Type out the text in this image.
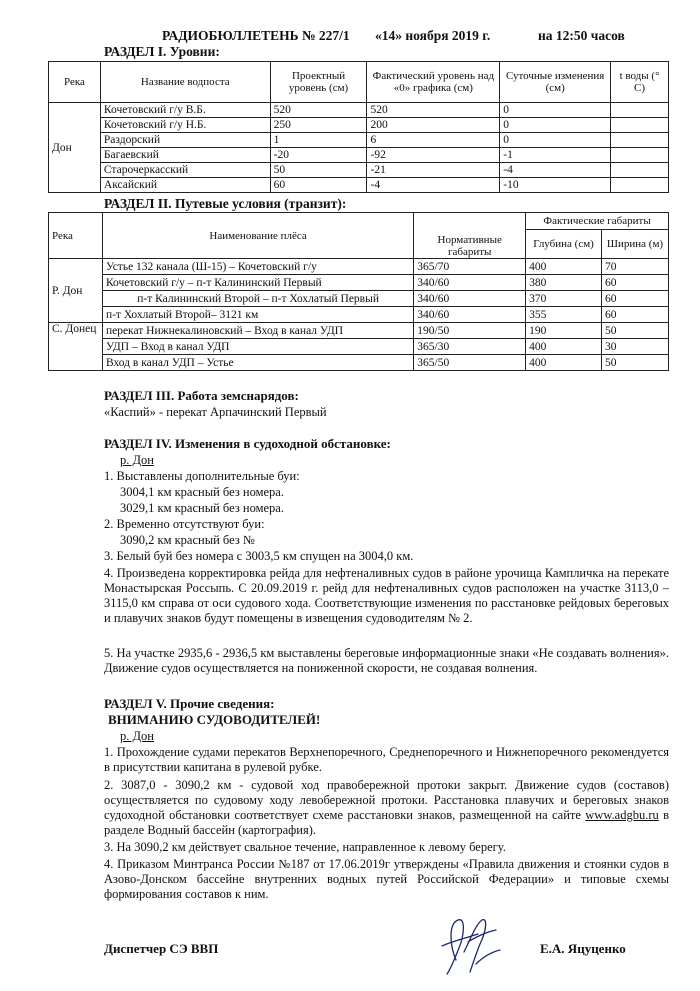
РАДИОБЮЛЛЕТЕНЬ № 227/1 «14» ноября 2019 г.	на 12:50 часов
РАЗДЕЛ I. Уровни:
Река	Название водпоста	Проектный уровень (см)	Фактический уровень над «0» графика (см)	Суточные изменения (см)	t воды (° С)
Дон	Кочетовский г/у В.Б.	520	520	0	
	Кочетовский г/у Н.Б.	250	200	0	
	Раздорский	1	6	0	
	Багаевский	-20	-92	-1	
	Старочеркасский	50	-21	-4	
	Аксайский	60	-4	-10	
РАЗДЕЛ II. Путевые условия (транзит):
Река	Наименование плёса	Нормативные габариты	Фактические габариты	
			Глубина (см)	Ширина (м)
Р. Дон	Устье 132 канала (Ш-15) – Кочетовский г/у	365/70	400	70
	Кочетовский г/у – п-т Калининский Первый	340/60	380	60
	п-т Калининский Второй – п-т Хохлатый Первый	340/60	370	60
	п-т Хохлатый Второй– 3121 км	340/60	355	60
С. Донец	перекат Нижнекалиновский – Вход в канал УДП	190/50	190	50
	УДП – Вход в канал УДП	365/30	400	30
	Вход в канал УДП – Устье	365/50	400	50
РАЗДЕЛ III. Работа земснарядов:
«Каспий» - перекат Арпачинский Первый
РАЗДЕЛ IV. Изменения в судоходной обстановке:
р. Дон
1. Выставлены дополнительные буи:
3004,1 км красный без номера.
3029,1 км красный без номера.
2. Временно отсутствуют буи:
3090,2 км красный без №
3. Белый буй без номера с 3003,5 км спущен на 3004,0 км.
4. Произведена корректировка рейда для нефтеналивных судов в районе урочища Кампличка на перекате Монастырская Россыпь. С 20.09.2019 г. рейд для нефтеналивных судов расположен на участке 3113,0 – 3115,0 км справа от оси судового хода. Соответствующие изменения по расстановке рейдовых береговых и плавучих знаков будут помещены в извещения судоводителям № 2.
5. На участке 2935,6 - 2936,5 км выставлены береговые информационные знаки «Не создавать волнения». Движение судов осуществляется на пониженной скорости, не создавая волнения.
РАЗДЕЛ V. Прочие сведения:
ВНИМАНИЮ СУДОВОДИТЕЛЕЙ!
р. Дон
1. Прохождение судами перекатов Верхнепоречного, Среднепоречного и Нижнепоречного рекомендуется в присутствии капитана в рулевой рубке.
2. 3087,0 - 3090,2 км - судовой ход правобережной протоки закрыт. Движение судов (составов) осуществляется по судовому ходу левобережной протоки. Расстановка плавучих и береговых знаков судоходной обстановки соответствует схеме расстановки знаков, размещенной на сайте www.adgbu.ru в разделе Водный бассейн (картография).
3. На 3090,2 км действует свальное течение, направленное к левому берегу.
4. Приказом Минтранса России №187 от 17.06.2019г утверждены «Правила движения и стоянки судов в Азово-Донском бассейне внутренних водных путей Российской Федерации» и типовые схемы формирования составов к ним.
Диспетчер СЭ ВВП	Е.А. Яцуценко
